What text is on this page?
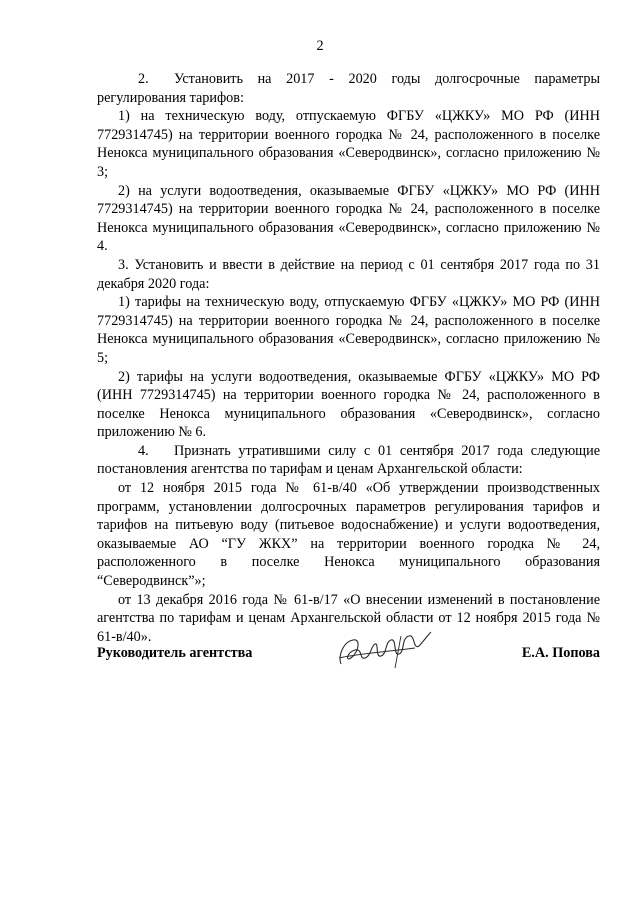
2

2. Установить на 2017 - 2020 годы долгосрочные параметры регулирования тарифов:

1) на техническую воду, отпускаемую ФГБУ «ЦЖКУ» МО РФ (ИНН 7729314745) на территории военного городка № 24, расположенного в поселке Ненокса муниципального образования «Северодвинск», согласно приложению № 3;

2) на услуги водоотведения, оказываемые ФГБУ «ЦЖКУ» МО РФ (ИНН 7729314745) на территории военного городка № 24, расположенного в поселке Ненокса муниципального образования «Северодвинск», согласно приложению № 4.

3. Установить и ввести в действие на период с 01 сентября 2017 года по 31 декабря 2020 года:

1) тарифы на техническую воду, отпускаемую ФГБУ «ЦЖКУ» МО РФ (ИНН 7729314745) на территории военного городка № 24, расположенного в поселке Ненокса муниципального образования «Северодвинск», согласно приложению № 5;

2) тарифы на услуги водоотведения, оказываемые ФГБУ «ЦЖКУ» МО РФ (ИНН 7729314745) на территории военного городка № 24, расположенного в поселке Ненокса муниципального образования «Северодвинск», согласно приложению № 6.

4. Признать утратившими силу с 01 сентября 2017 года следующие постановления агентства по тарифам и ценам Архангельской области:

от 12 ноября 2015 года № 61-в/40 «Об утверждении производственных программ, установлении долгосрочных параметров регулирования тарифов и тарифов на питьевую воду (питьевое водоснабжение) и услуги водоотведения, оказываемые АО “ГУ ЖКХ” на территории военного городка № 24, расположенного в поселке Ненокса муниципального образования “Северодвинск”»;

от 13 декабря 2016 года № 61-в/17 «О внесении изменений в постановление агентства по тарифам и ценам Архангельской области от 12 ноября 2015 года № 61-в/40».

Руководитель агентства	Е.А. Попова
